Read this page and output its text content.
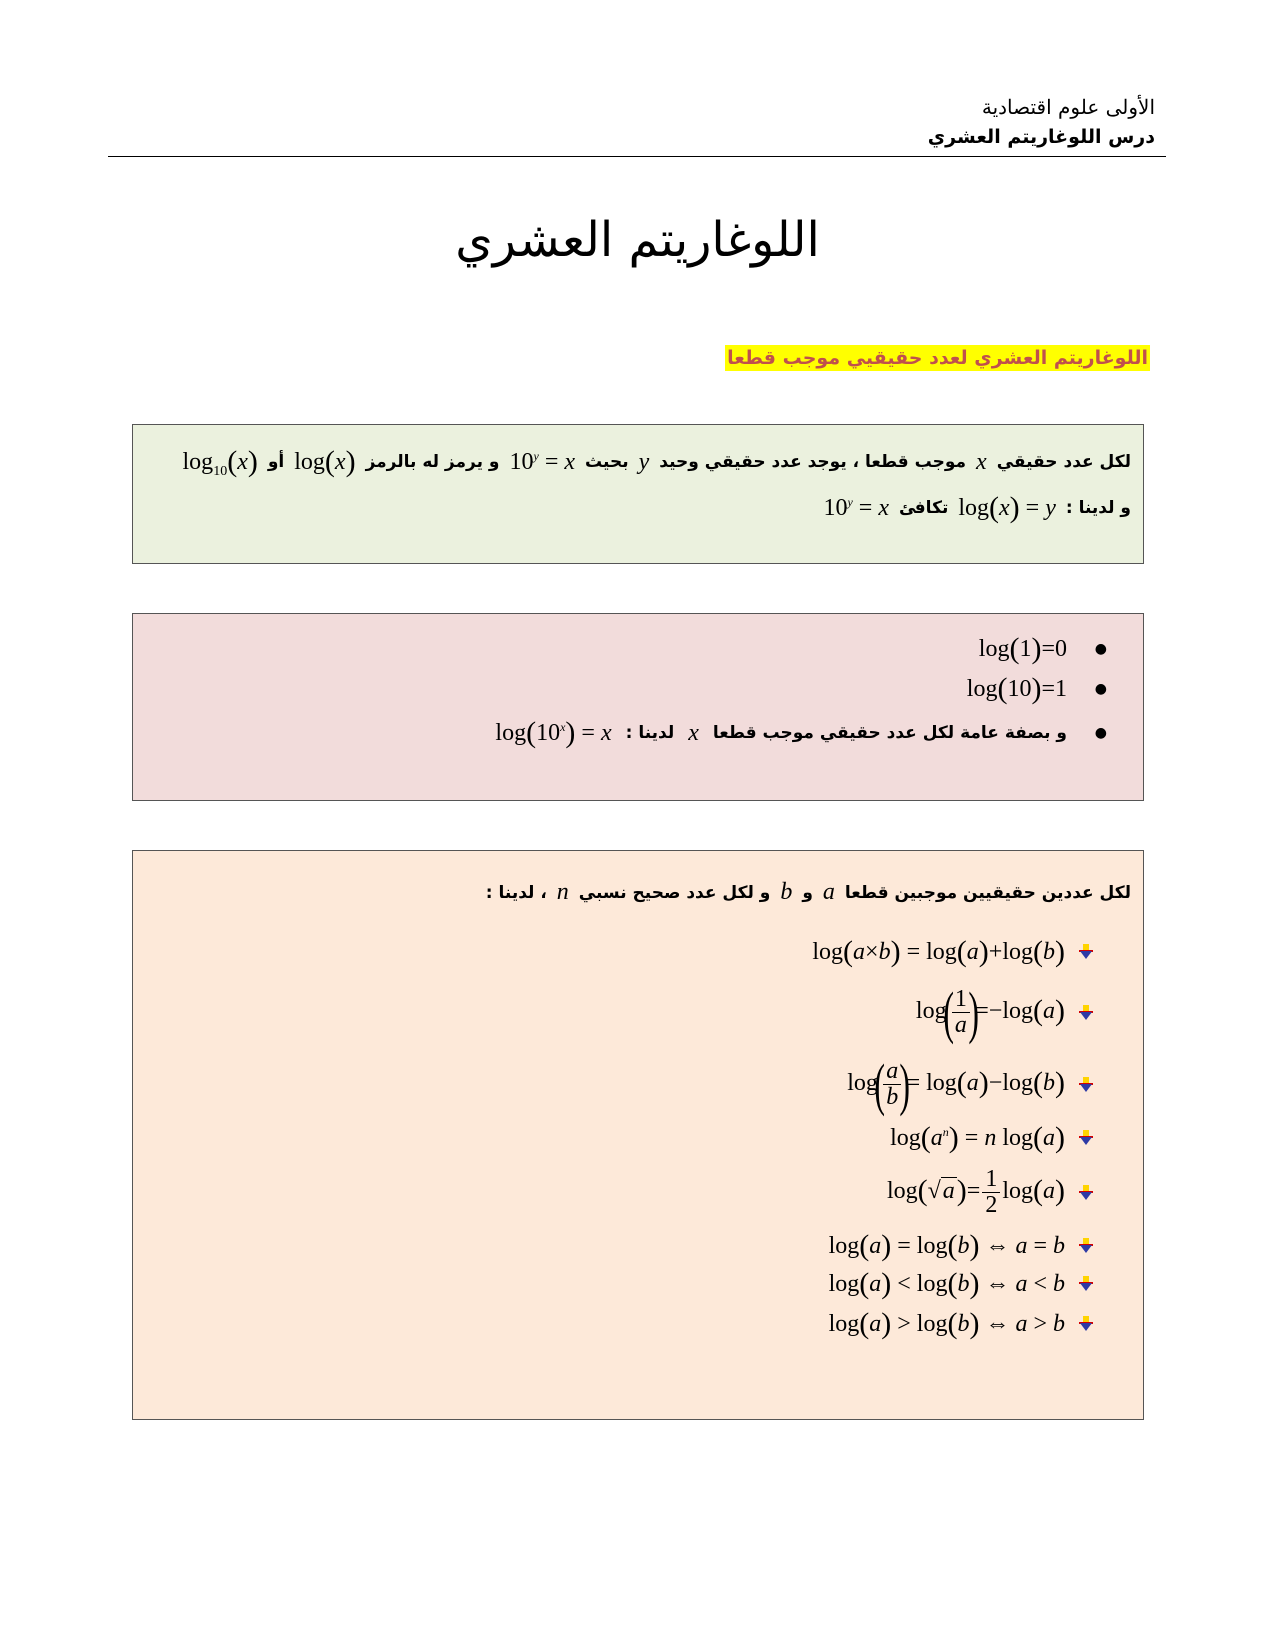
الأولى علوم اقتصادية
درس اللوغاريتم العشري
اللوغاريتم العشري
اللوغاريتم العشري لعدد حقيقيي موجب قطعا
لكل عدد حقيقي
x
موجب قطعا ، يوجد عدد حقيقي وحيد
y
بحيث
$10^y = x$
و يرمز له بالرمز
log(x)
أو
$\log_{10}(x)$
و لدينا :
log(x) = y
تكافئ
$10^y = x$
●
log(1)=0
●
log(10)=1
●
و بصفة عامة لكل عدد حقيقي موجب قطعا
x
لدينا :
$\log(10^x) = x$
لكل عددين حقيقيين موجبين قطعا
a
و
b
و لكل عدد صحيح نسبي
n
، لدينا :
log(a×b) = log(a)+log(b)
log(
$\frac{1}{a}$
)=−log(a)
log(
$\frac{a}{b}$
)= log(a)−log(b)
$\log(a^n) = n$ log(a)
$\log(√a)= \frac{1}{2} \log(a)$
log(a) = log(b) ⇔ a = b
log(a) < log(b) ⇔ a < b
log(a) > log(b) ⇔ a > b
